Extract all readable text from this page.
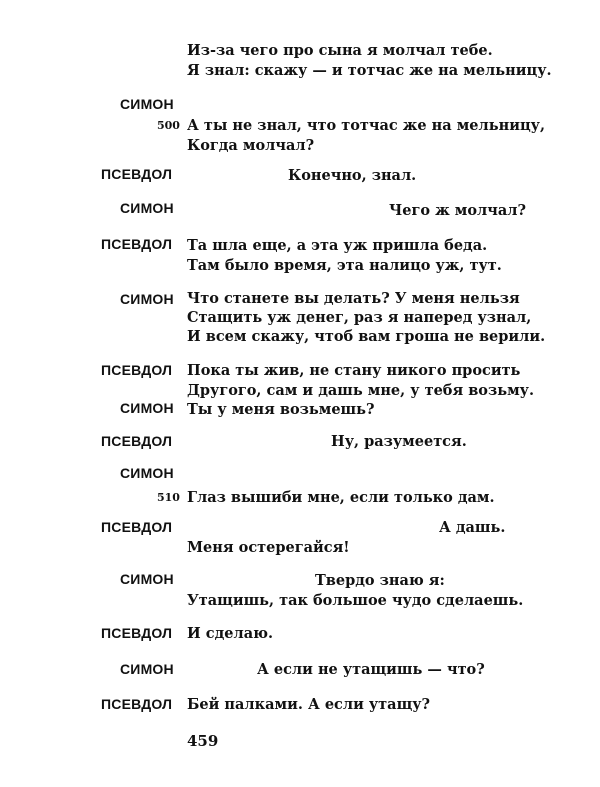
Из-за чего про сына я молчал тебе.
Я знал: скажу — и тотчас же на мельницу.
СИМОН
500 А ты не знал, что тотчас же на мельницу,
Когда молчал?
ПСЕВДОЛ	Конечно, знал.
СИМОН	Чего ж молчал?
ПСЕВДОЛ Та шла еще, а эта уж пришла беда.
Там было время, эта налицо уж, тут.
СИМОН Что станете вы делать? У меня нельзя
Стащить уж денег, раз я наперед узнал,
И всем скажу, чтоб вам гроша не верили.
ПСЕВДОЛ Пока ты жив, не стану никого просить
Другого, сам и дашь мне, у тебя возьму.
СИМОН Ты у меня возьмешь?
ПСЕВДОЛ	Ну, разумеется.
СИМОН
510 Глаз вышиби мне, если только дам.
ПСЕВДОЛ	А дашь.
Меня остерегайся!
СИМОН	Твердо знаю я:
Утащишь, так большое чудо сделаешь.
ПСЕВДОЛ И сделаю.
СИМОН	А если не утащишь — что?
ПСЕВДОЛ Бей палками. А если утащу?
459
